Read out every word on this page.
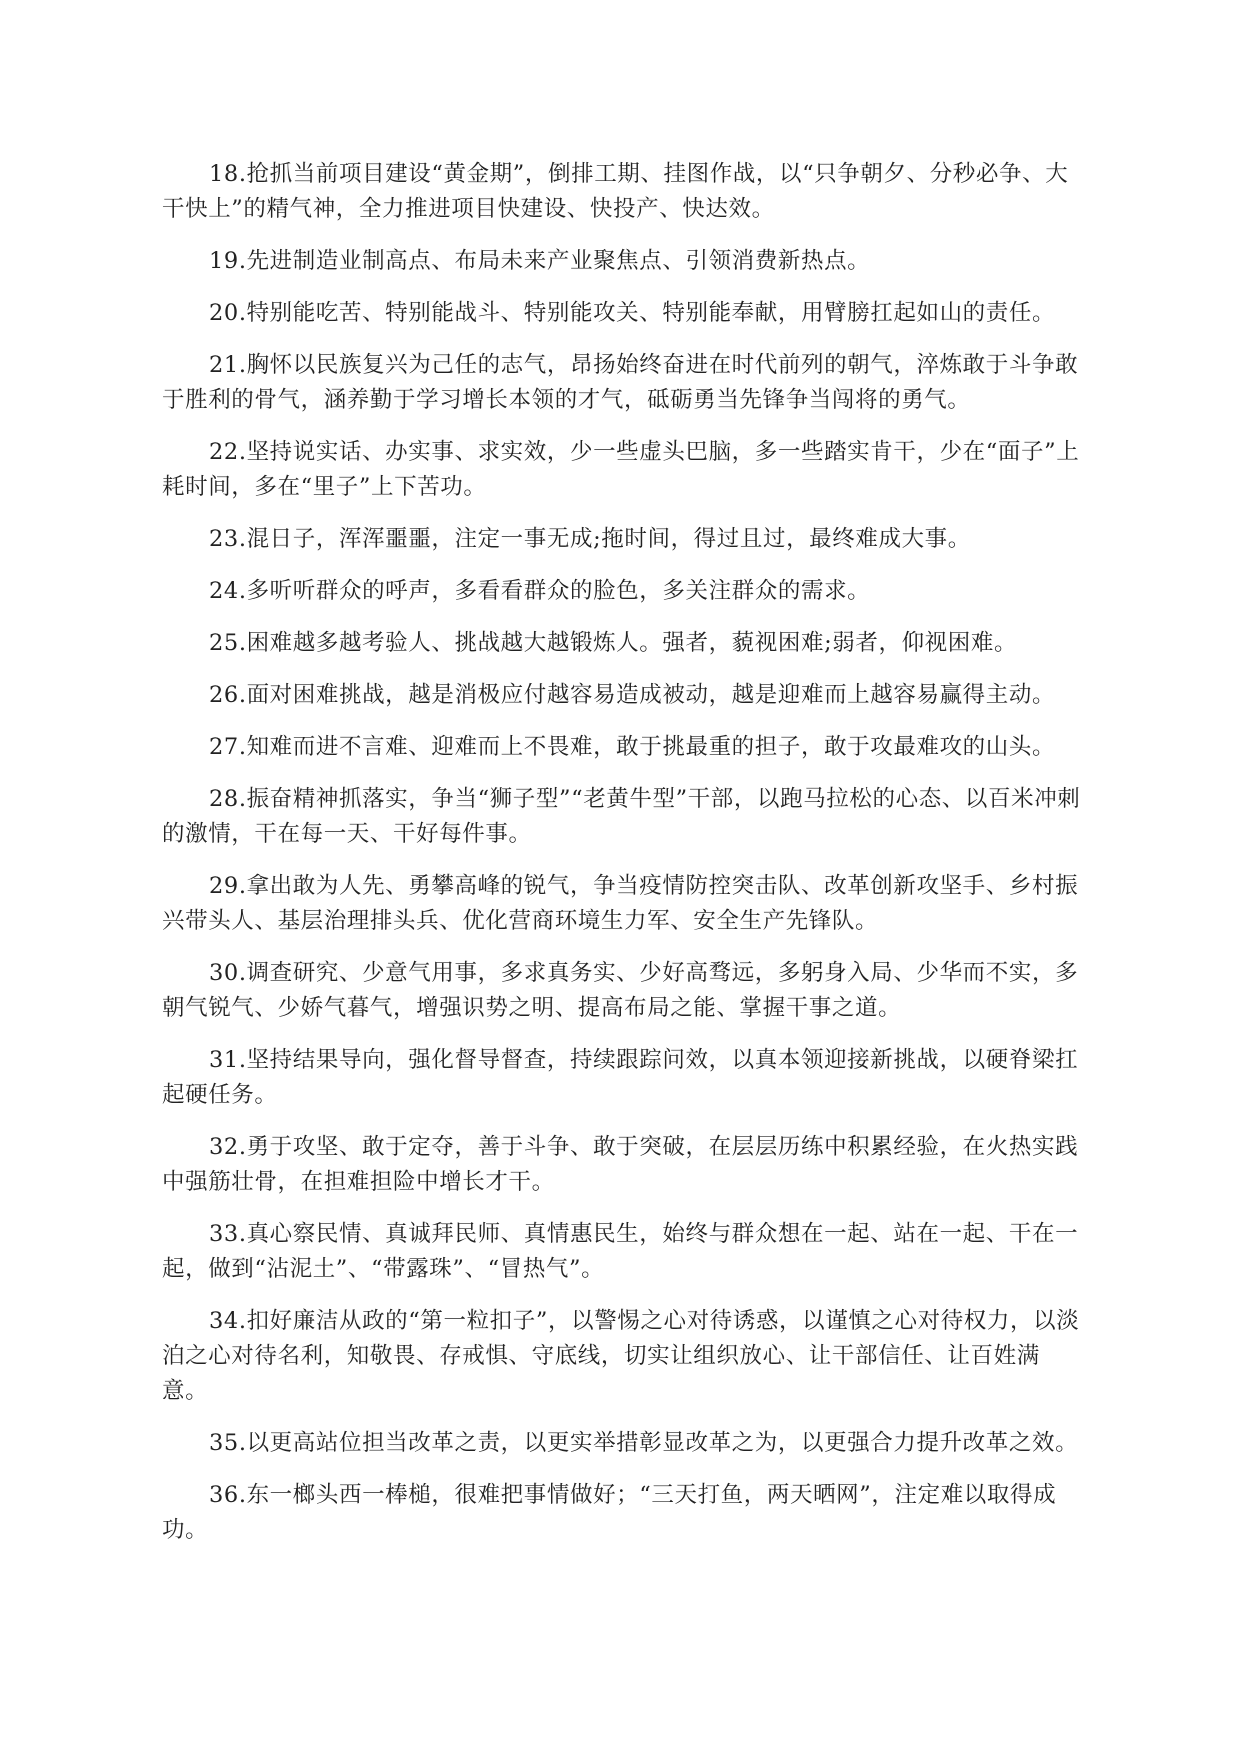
18.抢抓当前项目建设“黄金期”，倒排工期、挂图作战，以“只争朝夕、分秒必争、大干快上”的精气神，全力推进项目快建设、快投产、快达效。

19.先进制造业制高点、布局未来产业聚焦点、引领消费新热点。

20.特别能吃苦、特别能战斗、特别能攻关、特别能奉献，用臂膀扛起如山的责任。

21.胸怀以民族复兴为己任的志气，昂扬始终奋进在时代前列的朝气，淬炼敢于斗争敢于胜利的骨气，涵养勤于学习增长本领的才气，砥砺勇当先锋争当闯将的勇气。

22.坚持说实话、办实事、求实效，少一些虚头巴脑，多一些踏实肯干，少在“面子”上耗时间，多在“里子”上下苦功。

23.混日子，浑浑噩噩，注定一事无成;拖时间，得过且过，最终难成大事。

24.多听听群众的呼声，多看看群众的脸色，多关注群众的需求。

25.困难越多越考验人、挑战越大越锻炼人。强者，藐视困难;弱者，仰视困难。

26.面对困难挑战，越是消极应付越容易造成被动，越是迎难而上越容易赢得主动。

27.知难而进不言难、迎难而上不畏难，敢于挑最重的担子，敢于攻最难攻的山头。

28.振奋精神抓落实，争当“狮子型”“老黄牛型”干部，以跑马拉松的心态、以百米冲刺的激情，干在每一天、干好每件事。

29.拿出敢为人先、勇攀高峰的锐气，争当疫情防控突击队、改革创新攻坚手、乡村振兴带头人、基层治理排头兵、优化营商环境生力军、安全生产先锋队。

30.调查研究、少意气用事，多求真务实、少好高骛远，多躬身入局、少华而不实，多朝气锐气、少娇气暮气，增强识势之明、提高布局之能、掌握干事之道。

31.坚持结果导向，强化督导督查，持续跟踪问效，以真本领迎接新挑战，以硬脊梁扛起硬任务。

32.勇于攻坚、敢于定夺，善于斗争、敢于突破，在层层历练中积累经验，在火热实践中强筋壮骨，在担难担险中增长才干。

33.真心察民情、真诚拜民师、真情惠民生，始终与群众想在一起、站在一起、干在一起，做到“沾泥土”、“带露珠”、“冒热气”。

34.扣好廉洁从政的“第一粒扣子”，以警惕之心对待诱惑，以谨慎之心对待权力，以淡泊之心对待名利，知敬畏、存戒惧、守底线，切实让组织放心、让干部信任、让百姓满意。

35.以更高站位担当改革之责，以更实举措彰显改革之为，以更强合力提升改革之效。

36.东一榔头西一棒槌，很难把事情做好；“三天打鱼，两天晒网”，注定难以取得成功。
